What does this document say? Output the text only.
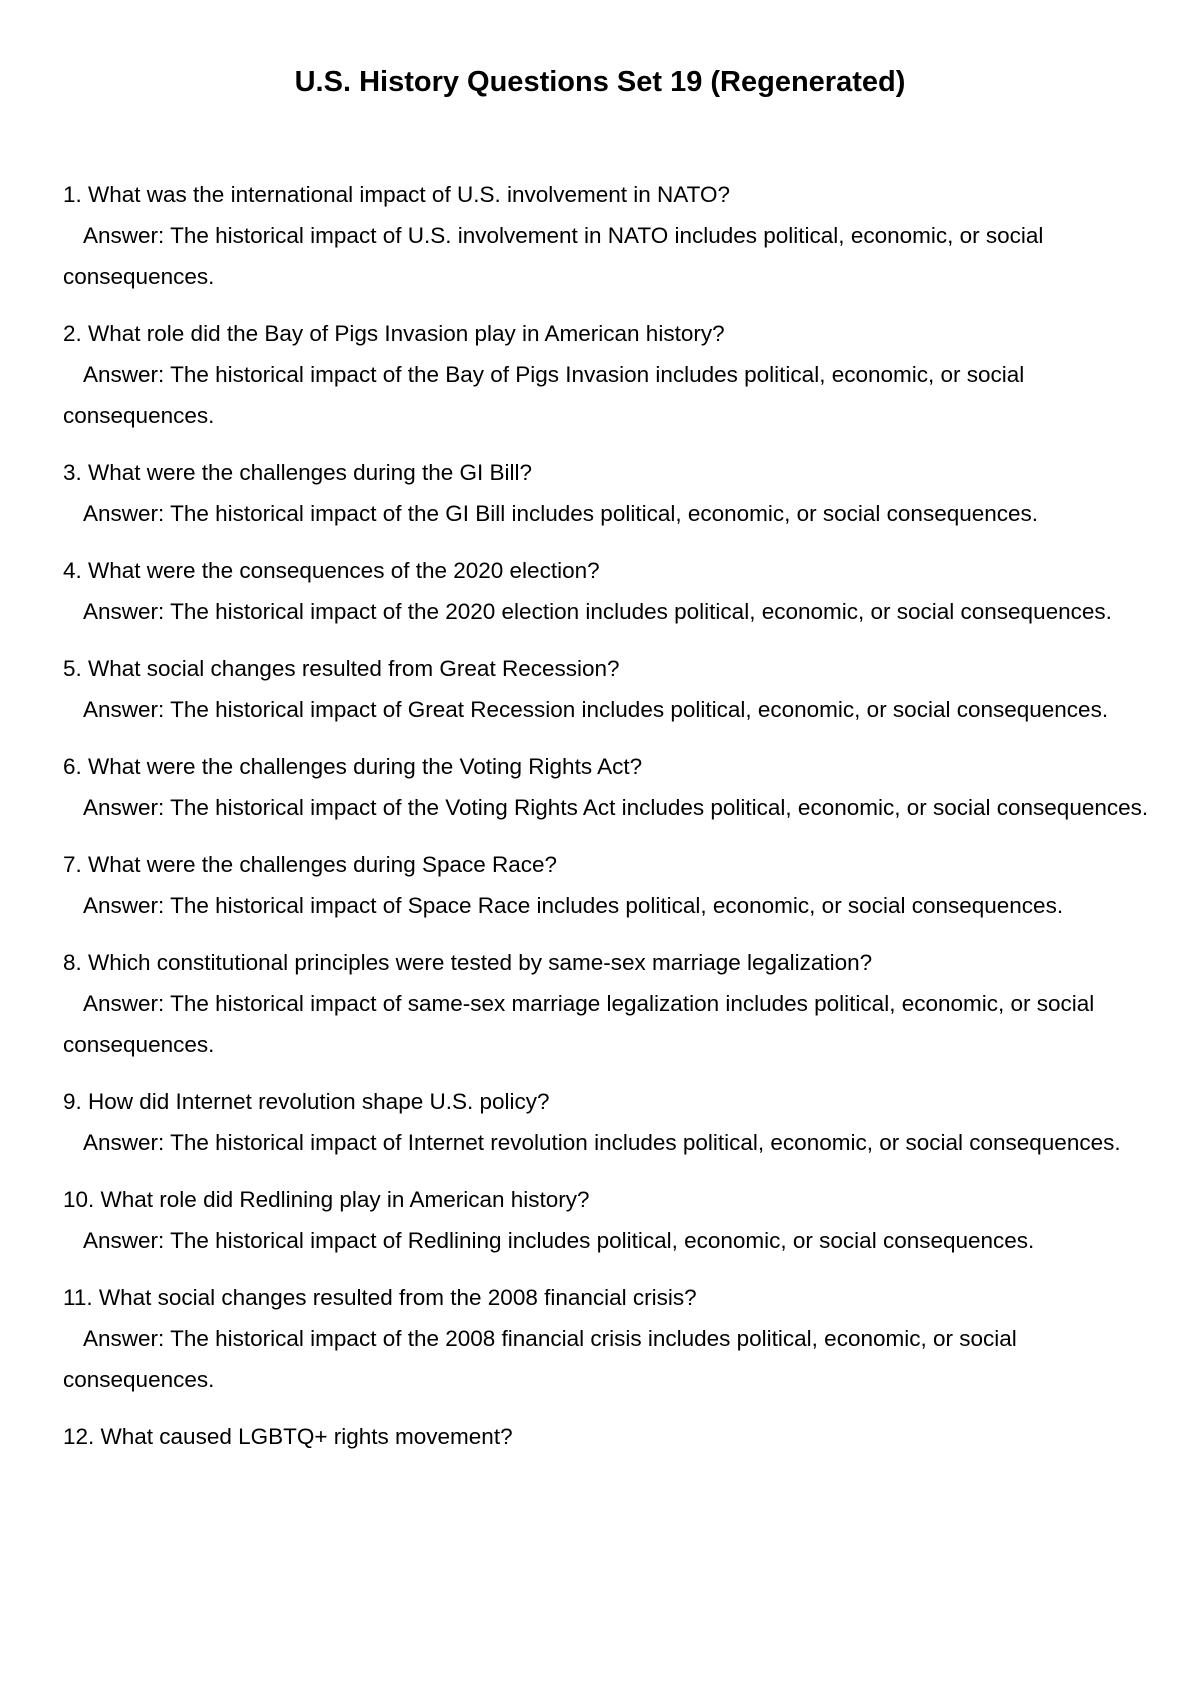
U.S. History Questions Set 19 (Regenerated)
1. What was the international impact of U.S. involvement in NATO?
Answer: The historical impact of U.S. involvement in NATO includes political, economic, or social consequences.
2. What role did the Bay of Pigs Invasion play in American history?
Answer: The historical impact of the Bay of Pigs Invasion includes political, economic, or social consequences.
3. What were the challenges during the GI Bill?
Answer: The historical impact of the GI Bill includes political, economic, or social consequences.
4. What were the consequences of the 2020 election?
Answer: The historical impact of the 2020 election includes political, economic, or social consequences.
5. What social changes resulted from Great Recession?
Answer: The historical impact of Great Recession includes political, economic, or social consequences.
6. What were the challenges during the Voting Rights Act?
Answer: The historical impact of the Voting Rights Act includes political, economic, or social consequences.
7. What were the challenges during Space Race?
Answer: The historical impact of Space Race includes political, economic, or social consequences.
8. Which constitutional principles were tested by same-sex marriage legalization?
Answer: The historical impact of same-sex marriage legalization includes political, economic, or social consequences.
9. How did Internet revolution shape U.S. policy?
Answer: The historical impact of Internet revolution includes political, economic, or social consequences.
10. What role did Redlining play in American history?
Answer: The historical impact of Redlining includes political, economic, or social consequences.
11. What social changes resulted from the 2008 financial crisis?
Answer: The historical impact of the 2008 financial crisis includes political, economic, or social consequences.
12. What caused LGBTQ+ rights movement?
